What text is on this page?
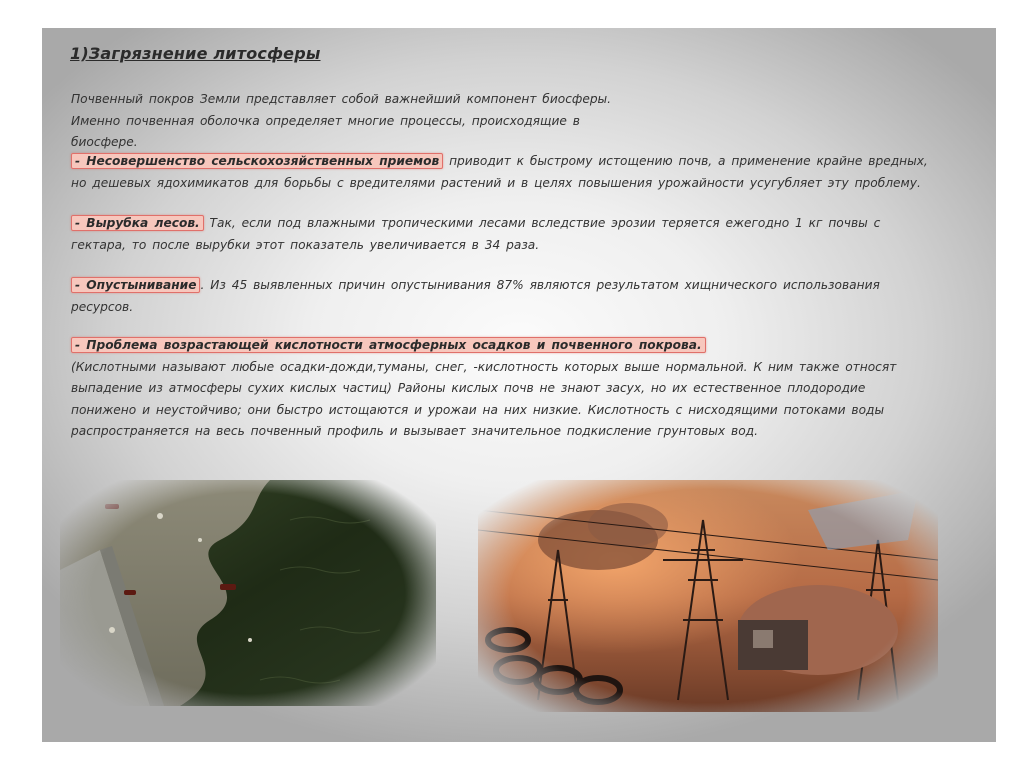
1)Загрязнение литосферы

Почвенный покров Земли представляет собой важнейший компонент биосферы. Именно почвенная оболочка определяет многие процессы, происходящие в биосфере.

- Несовершенство сельскохозяйственных приемов приводит к быстрому истощению почв, а применение крайне вредных, но дешевых ядохимикатов для борьбы с вредителями растений и в целях повышения урожайности усугубляет эту проблему.

- Вырубка лесов. Так, если под влажными тропическими лесами вследствие эрозии теряется ежегодно 1 кг почвы с гектара, то после вырубки этот показатель увеличивается в 34 раза.

- Опустынивание . Из 45 выявленных причин опустынивания 87% являются результатом хищнического использования ресурсов.

- Проблема возрастающей кислотности атмосферных осадков и почвенного покрова.
(Кислотными называют любые осадки-дожди,туманы, снег, -кислотность которых выше нормальной. К ним также относят выпадение из атмосферы сухих кислых частиц) Районы кислых почв не знают засух, но их естественное плодородие понижено и неустойчиво; они быстро истощаются и урожаи на них низкие. Кислотность с нисходящими потоками воды распространяется на весь почвенный профиль и вызывает значительное подкисление грунтовых вод.
